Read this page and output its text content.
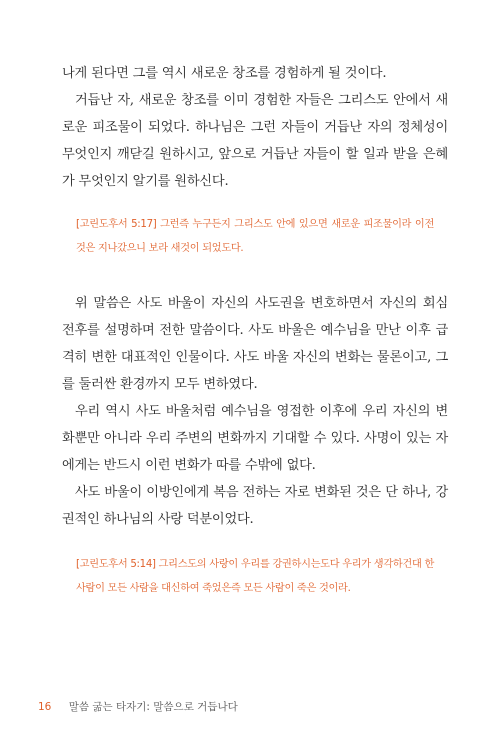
나게 된다면 그를 역시 새로운 창조를 경험하게 될 것이다.

거듭난 자, 새로운 창조를 이미 경험한 자들은 그리스도 안에서 새로운 피조물이 되었다. 하나님은 그런 자들이 거듭난 자의 정체성이 무엇인지 깨닫길 원하시고, 앞으로 거듭난 자들이 할 일과 받을 은혜가 무엇인지 알기를 원하신다.

[고린도후서 5:17] 그런즉 누구든지 그리스도 안에 있으면 새로운 피조물이라 이전 것은 지나갔으니 보라 새것이 되었도다.

위 말씀은 사도 바울이 자신의 사도권을 변호하면서 자신의 회심 전후를 설명하며 전한 말씀이다. 사도 바울은 예수님을 만난 이후 급격히 변한 대표적인 인물이다. 사도 바울 자신의 변화는 물론이고, 그를 둘러싼 환경까지 모두 변하였다.

우리 역시 사도 바울처럼 예수님을 영접한 이후에 우리 자신의 변화뿐만 아니라 우리 주변의 변화까지 기대할 수 있다. 사명이 있는 자에게는 반드시 이런 변화가 따를 수밖에 없다.

사도 바울이 이방인에게 복음 전하는 자로 변화된 것은 단 하나, 강권적인 하나님의 사랑 덕분이었다.

[고린도후서 5:14] 그리스도의 사랑이 우리를 강권하시는도다 우리가 생각하건대 한 사람이 모든 사람을 대신하여 죽었은즉 모든 사람이 죽은 것이라.

16 말씀 굶는 타자기: 말씀으로 거듭나다
